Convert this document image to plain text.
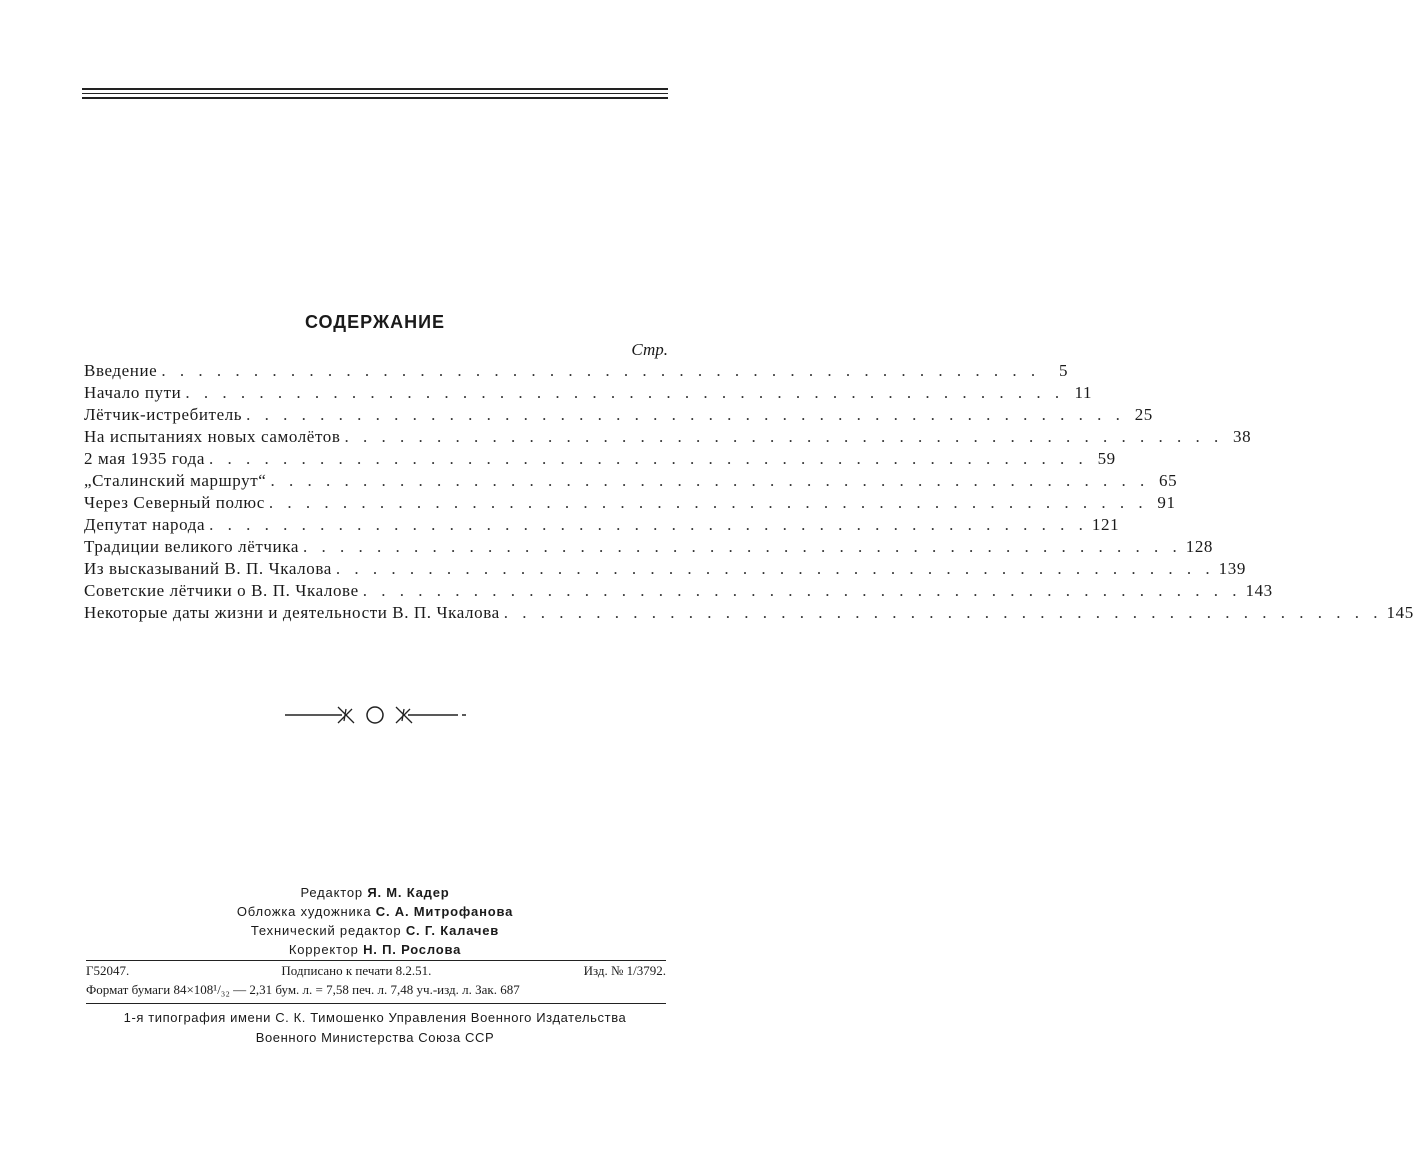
СОДЕРЖАНИЕ
Стр.
Введение . . . . . . . . . . . . . . . . . . . . . . . . . . . . . . . . . . . . . . . . . . . . . . . .	5
Начало пути . . . . . . . . . . . . . . . . . . . . . . . . . . . . . . . . . . . . . . . . . . . . . . . . 11
Лётчик-истребитель . . . . . . . . . . . . . . . . . . . . . . . . . . . . . . . . . . . . . . . . . . . . . . . . 25
На испытаниях новых самолётов . . . . . . . . . . . . . . . . . . . . . . . . . . . . . . . . . . . . . . . . . . . . . . . . 38
2 мая 1935 года . . . . . . . . . . . . . . . . . . . . . . . . . . . . . . . . . . . . . . . . . . . . . . . . 59
„Сталинский маршрут“ . . . . . . . . . . . . . . . . . . . . . . . . . . . . . . . . . . . . . . . . . . . . . . . . 65
Через Северный полюс . . . . . . . . . . . . . . . . . . . . . . . . . . . . . . . . . . . . . . . . . . . . . . . . 91
Депутат народа . . . . . . . . . . . . . . . . . . . . . . . . . . . . . . . . . . . . . . . . . . . . . . . . 121
Традиции великого лётчика . . . . . . . . . . . . . . . . . . . . . . . . . . . . . . . . . . . . . . . . . . . . . . . . 128
Из высказываний В. П. Чкалова . . . . . . . . . . . . . . . . . . . . . . . . . . . . . . . . . . . . . . . . . . . . . . . . 139
Советские лётчики о В. П. Чкалове . . . . . . . . . . . . . . . . . . . . . . . . . . . . . . . . . . . . . . . . . . . . . . . . 143
Некоторые даты жизни и деятельности В. П. Чкалова . . . . . . . . . . . . . . . . . . . . . . . . . . . . . . . . . . . . . . . . . . . . . . . . 145
Редактор Я. М. Кадер
Обложка художника С. А. Митрофанова
Технический редактор С. Г. Калачев
Корректор Н. П. Рослова
Г52047.	Подписано к печати 8.2.51.	Изд. № 1/3792.
Формат бумаги 84×108¹/₃₂ — 2,31 бум. л. = 7,58 печ. л. 7,48 уч.-изд. л. Зак. 687
1-я типография имени С. К. Тимошенко Управления Военного Издательства
Военного Министерства Союза ССР
